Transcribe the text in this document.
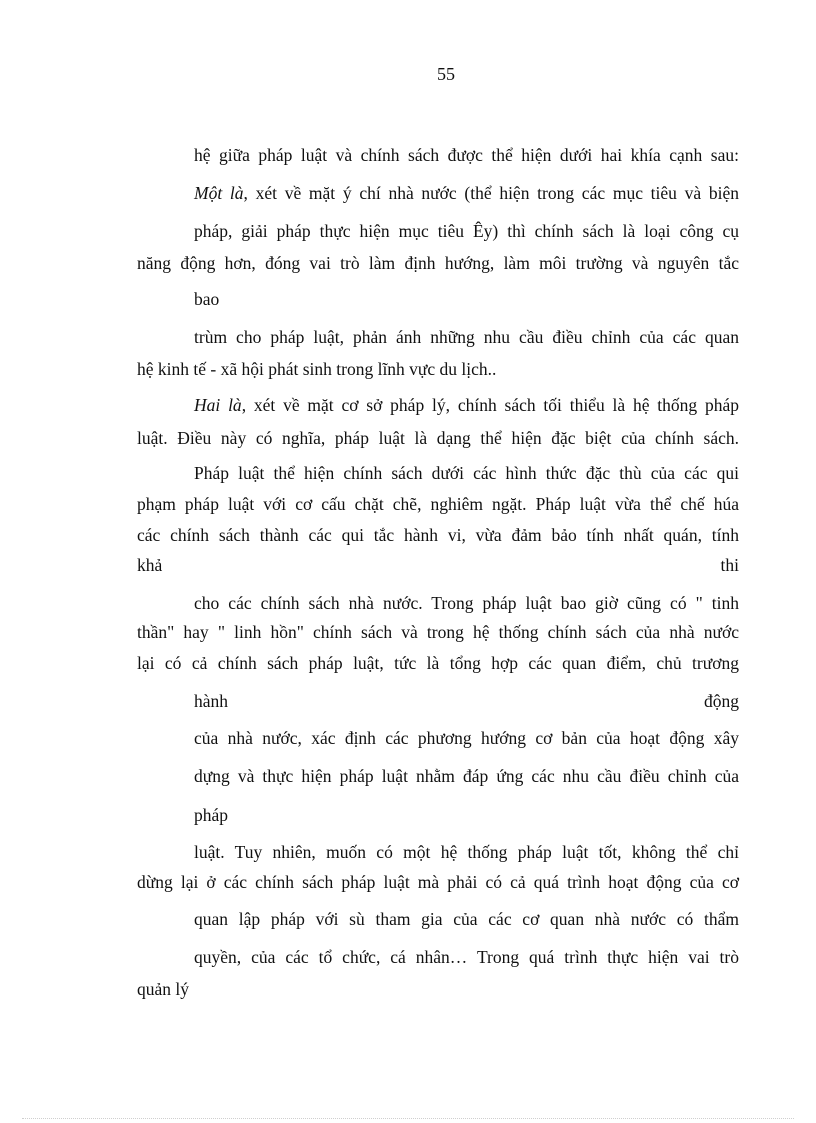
55
hệ giữa pháp luật và chính sách được thể hiện dưới hai khía cạnh sau:
Một là, xét về mặt ý chí nhà nước (thể hiện trong các mục tiêu và biện
pháp, giải pháp thực hiện mục tiêu Êy) thì chính sách là loại công cụ
năng động hơn, đóng vai trò làm định hướng, làm môi trường và nguyên tắc
bao
trùm cho pháp luật, phản ánh những nhu cầu điều chỉnh của các quan
hệ kinh tế - xã hội phát sinh trong lĩnh vực du lịch..
Hai là, xét về mặt cơ sở pháp lý, chính sách tối thiểu là hệ thống pháp
luật. Điều này có nghĩa, pháp luật là dạng thể hiện đặc biệt của chính sách.
Pháp luật thể hiện chính sách dưới các hình thức đặc thù của các qui
phạm pháp luật với cơ cấu chặt chẽ, nghiêm ngặt. Pháp luật vừa thể chế húa
các chính sách thành các qui tắc hành vi, vừa đảm bảo tính nhất quán, tính
khả thi
cho các chính sách nhà nước. Trong pháp luật bao giờ cũng có " tinh
thần" hay " linh hồn" chính sách và trong hệ thống chính sách của nhà nước
lại có cả chính sách pháp luật, tức là tổng hợp các quan điểm, chủ trương
hành động
của nhà nước, xác định các phương hướng cơ bản của hoạt động xây
dựng và thực hiện pháp luật nhằm đáp ứng các nhu cầu điều chỉnh của
pháp
luật. Tuy nhiên, muốn có một hệ thống pháp luật tốt, không thể chỉ
dừng lại ở các chính sách pháp luật mà phải có cả quá trình hoạt động của cơ
quan lập pháp với sù tham gia của các cơ quan nhà nước có thẩm
quyền, của các tổ chức, cá nhân… Trong quá trình thực hiện vai trò
quản lý
